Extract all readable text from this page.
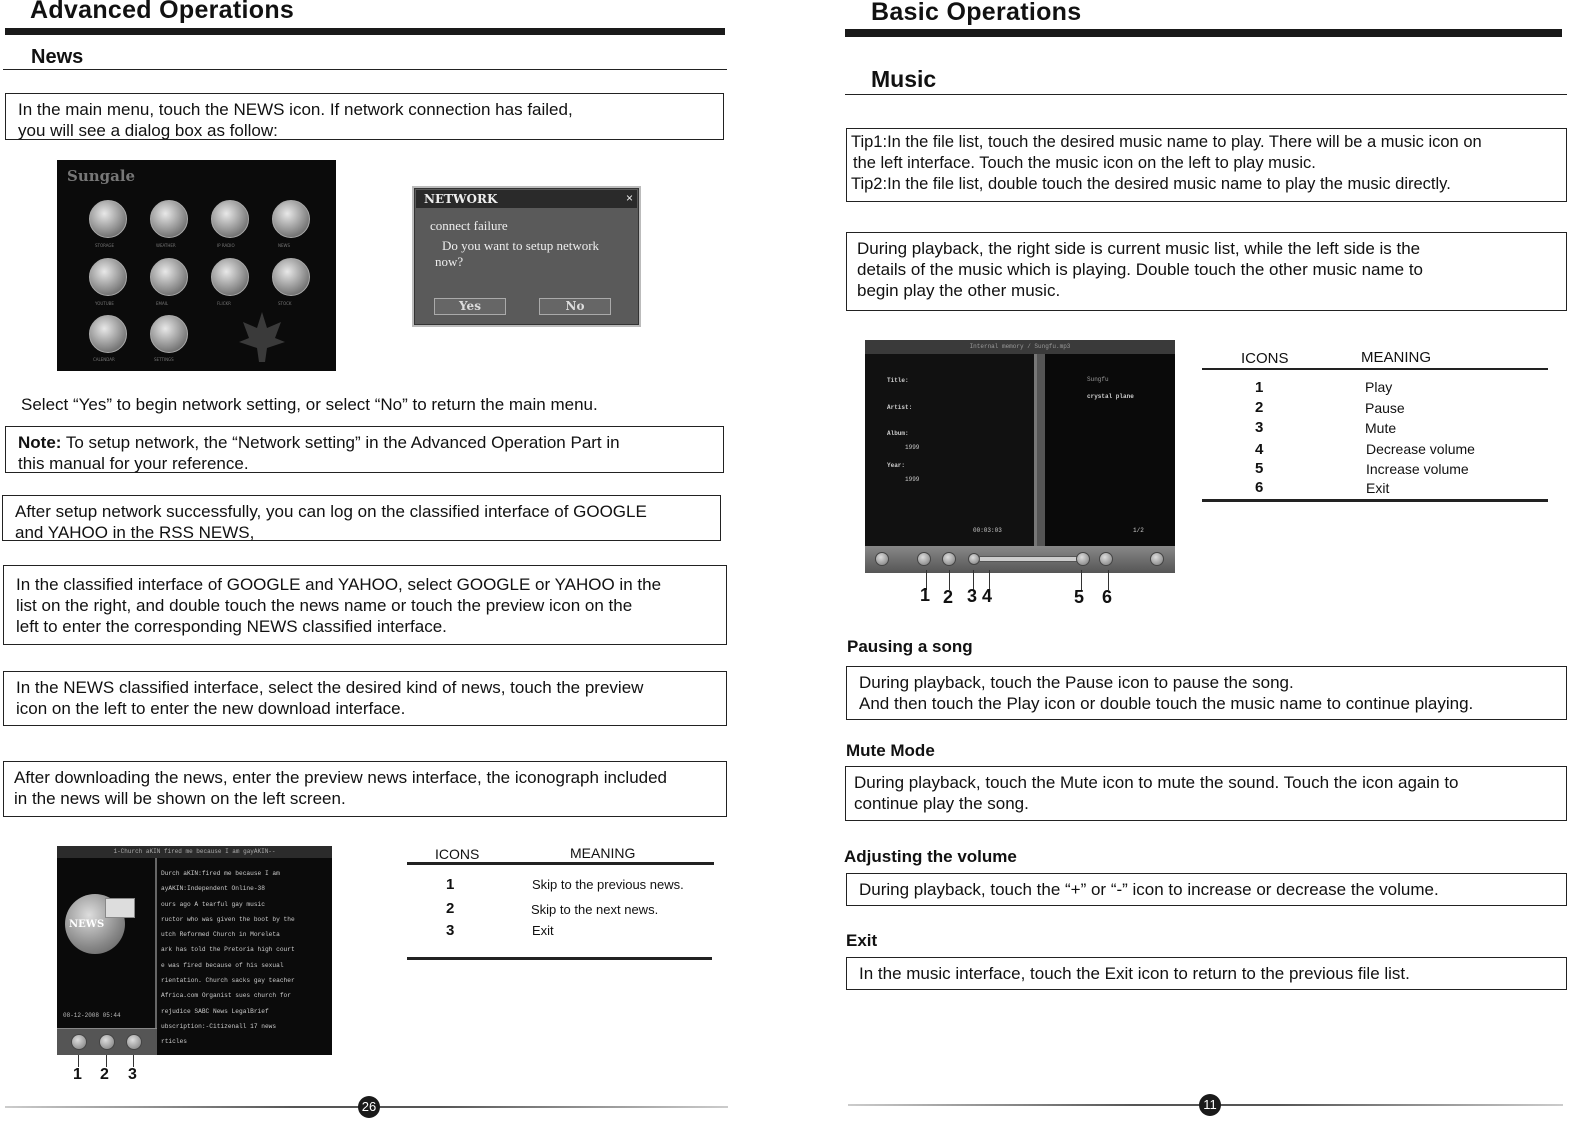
Advanced Operations
News
In the main menu, touch the NEWS icon. If network connection has failed,
you will see a dialog box as follow:
Sungale
STORAGE	WEATHER	IP RADIO	NEWS
YOUTUBE	EMAIL	FLICKR	STOCK
CALENDAR	SETTINGS
NETWORK	×
connect failure
Do you want to setup network
now?
Yes	No
Select “Yes” to begin network setting, or select “No” to return the main menu.
Note: To setup network, the “Network setting” in the Advanced Operation Part in
this manual for your reference.
After setup network successfully, you can log on the classified interface of GOOGLE
and YAHOO in the RSS NEWS,
In the classified interface of GOOGLE and YAHOO, select GOOGLE or YAHOO in the
list on the right, and double touch the news name or touch the preview icon on the
left to enter the corresponding NEWS classified interface.
In the NEWS classified interface, select the desired kind of news, touch the preview
icon on the left to enter the new download interface.
After downloading the news, enter the preview news interface, the iconograph included
in the news will be shown on the left screen.
1-Church aKIN fired me because I am gayAKIN--
NEWS
08-12-2008 05:44
Durch aKIN:fired me because I am
ayAKIN:Independent Online-38
ours ago A tearful gay music
ructor who was given the boot by the
utch Reformed Church in Moreleta
ark has told the Pretoria high court
e was fired because of his sexual
rientation. Church sacks gay teacher
Africa.com Organist sues church for
rejudice SABC News LegalBrief
ubscription:-Citizenall 17 news
rticles
1 2 3
ICONS	MEANING
1	Skip to the previous news.
2	Skip to the next news.
3	Exit
26
Basic Operations
Music
Tip1:In the file list, touch the desired music name to play. There will be a music icon on
the left interface. Touch the music icon on the left to play music.
Tip2:In the file list, double touch the desired music name to play the music directly.
During playback, the right side is current music list, while the left side is the
details of the music which is playing. Double touch the other music name to
begin play the other music.
Internal memory / Sungfu.mp3
Title:
Artist:
Album:
1999
Year:
1999
00:03:03
Sungfu
crystal plane
1/2
1 2 3 4	5 6
ICONS	MEANING
1	Play
2	Pause
3	Mute
4	Decrease volume
5	Increase volume
6	Exit
Pausing a song
During playback, touch the Pause icon to pause the song.
And then touch the Play icon or double touch the music name to continue playing.
Mute Mode
During playback, touch the Mute icon to mute the sound. Touch the icon again to
continue play the song.
Adjusting the volume
During playback, touch the “+” or “-” icon to increase or decrease the volume.
Exit
In the music interface, touch the Exit icon to return to the previous file list.
11
